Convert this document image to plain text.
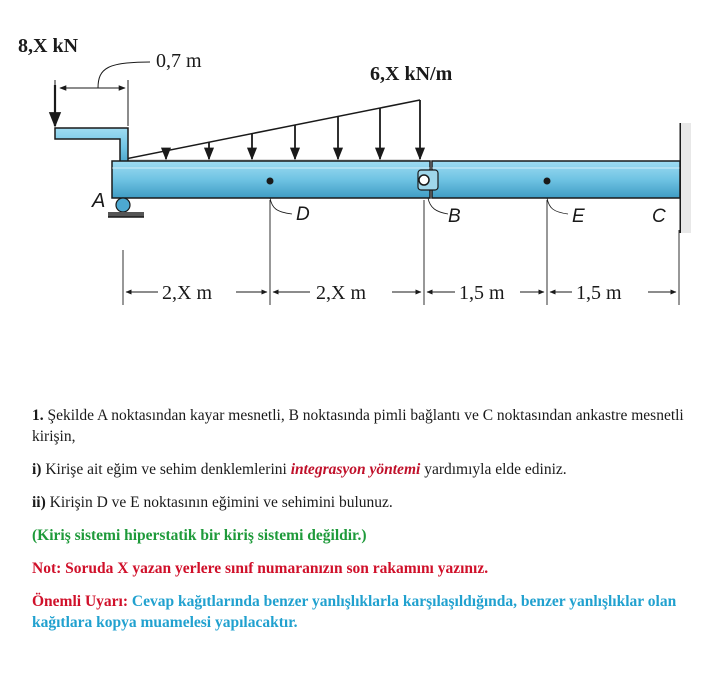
6,X kN/m
8,X kN
0,7 m
A
D	B	E	C
2,X m	2,X m	1,5 m	1,5 m

1. Şekilde A noktasından kayar mesnetli, B noktasında pimli bağlantı ve C noktasından ankastre mesnetli kirişin,

i) Kirişe ait eğim ve sehim denklemlerini integrasyon yöntemi yardımıyla elde ediniz.

ii) Kirişin D ve E noktasının eğimini ve sehimini bulunuz.

(Kiriş sistemi hiperstatik bir kiriş sistemi değildir.)

Not: Soruda X yazan yerlere sınıf numaranızın son rakamını yazınız.

Önemli Uyarı: Cevap kağıtlarında benzer yanlışlıklarla karşılaşıldığında, benzer yanlışlıklar olan kağıtlara kopya muamelesi yapılacaktır.
